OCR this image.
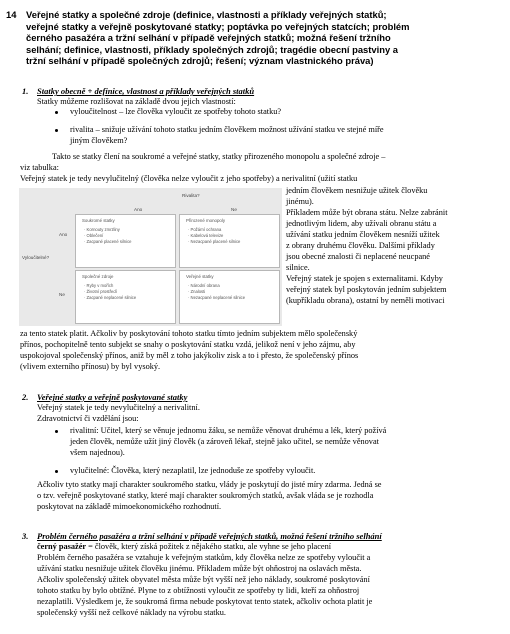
14 Veřejné statky a společné zdroje (definice, vlastnosti a příklady veřejných statků;
veřejné statky a veřejně poskytované statky; poptávka po veřejných statcích; problém
černého pasažéra a tržní selhání v případě veřejných statků; možná řešení tržního
selhání; definice, vlastnosti, příklady společných zdrojů; tragédie obecní pastviny a
tržní selhání v případě společných zdrojů; řešení; význam vlastnického práva)
1. Statky obecně + definice, vlastnost a příklady veřejných statků
Statky můžeme rozlišovat na základě dvou jejich vlastností:
vyloučitelnost – lze člověka vyloučit ze spotřeby tohoto statku?
rivalita – snižuje užívání tohoto statku jedním člověkem možnost užívání statku ve stejné míře
jiným člověkem?
Takto se statky člení na soukromé a veřejné statky, statky přirozeného monopolu a společné zdroje –
viz tabulka:
Veřejný statek je tedy nevylučitelný (člověka nelze vyloučit z jeho spotřeby) a nerivalitní (užití statku
Rivalita?
Ano	Ne
Vyloučitelné?
Ano
Ne
Soukromé statky
· Kornouty zmrzliny
· Oblečení
· Zacpané placené silnice
Přirozené monopoly
· Požární ochrana
· Kabelová televize
· Nezacpané placené silnice
Společné zdroje
· Ryby v mořích
· Životní prostředí
· Zacpané neplacené silnice
Veřejné statky
· Národní obrana
· Znalosti
· Nezacpané neplacené silnice
jedním člověkem nesnižuje užitek člověku
jinému).
Příkladem může být obrana státu. Nelze zabránit
jednotlivým lidem, aby užívali obranu státu a
užívání statku jedním člověkem nesníží užitek
z obrany druhému člověku. Dalšími příklady
jsou obecné znalosti či neplacené neucpané
silnice.
Veřejný statek je spojen s externalitami. Kdyby
veřejný statek byl poskytován jedním subjektem
(kupříkladu obrana), ostatní by neměli motivaci
za tento statek platit. Ačkoliv by poskytování tohoto statku tímto jedním subjektem mělo společenský
přínos, pochopitelně tento subjekt se snahy o poskytování statku vzdá, jelikož není v jeho zájmu, aby
uspokojoval společenský přínos, aniž by měl z toho jakýkoliv zisk a to i přesto, že společenský přínos
(vlivem externího přínosu) by byl vysoký.
2. Veřejné statky a veřejně poskytované statky
Veřejný statek je tedy nevylučitelný a nerivalitní.
Zdravotnictví či vzdělání jsou:
rivalitní: Učitel, který se věnuje jednomu žáku, se nemůže věnovat druhému a lék, který požívá
jeden člověk, nemůže užít jiný člověk (a zároveň lékař, stejně jako učitel, se nemůže věnovat
všem najednou).
vylučitelné: Člověka, který nezaplatil, lze jednoduše ze spotřeby vyloučit.
Ačkoliv tyto statky mají charakter soukromého statku, vlády je poskytují do jisté míry zdarma. Jedná se
o tzv. veřejně poskytované statky, které mají charakter soukromých statků, avšak vláda se je rozhodla
poskytovat na základě mimoekonomického rozhodnutí.
3. Problém černého pasažéra a tržní selhání v případě veřejných statků, možná řešení tržního selhání
černý pasažér = člověk, který získá požitek z nějakého statku, ale vyhne se jeho placení
Problém černého pasažéra se vztahuje k veřejným statkům, kdy člověka nelze ze spotřeby vyloučit a
užívání statku nesnižuje užitek člověku jinému. Příkladem může být ohňostroj na oslavách města.
Ačkoliv společenský užitek obyvatel města může být vyšší než jeho náklady, soukromé poskytování
tohoto statku by bylo obtížné. Plyne to z obtížnosti vyloučit ze spotřeby ty lidi, kteří za ohňostroj
nezaplatili. Výsledkem je, že soukromá firma nebude poskytovat tento statek, ačkoliv ochota platit je
společenský vyšší než celkové náklady na výrobu statku.
